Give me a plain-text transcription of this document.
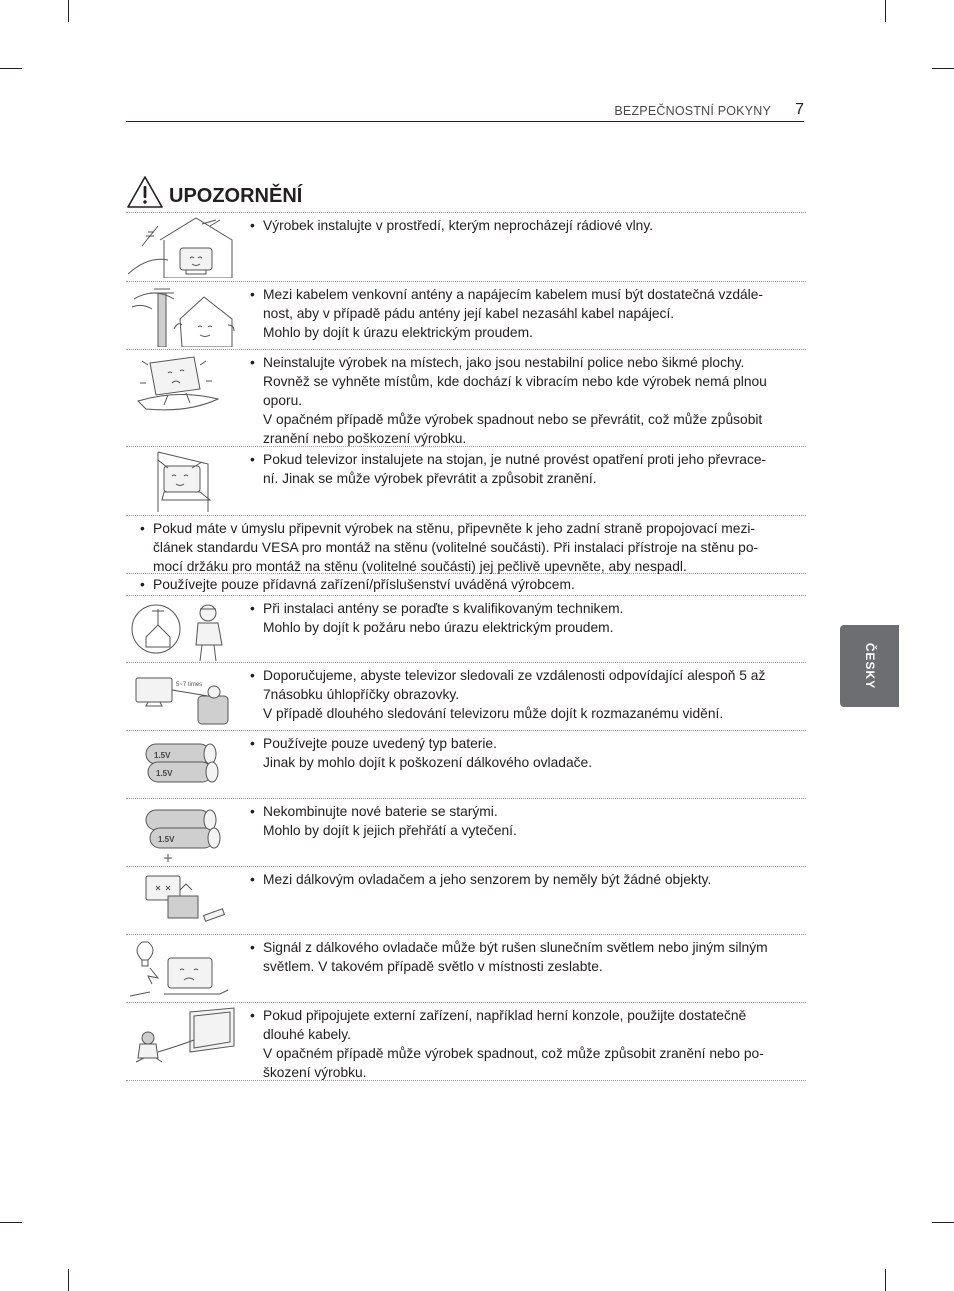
BEZPEČNOSTNÍ POKYNY 7
UPOZORNĚNÍ
• Výrobek instalujte v prostředí, kterým neprocházejí rádiové vlny.
• Mezi kabelem venkovní antény a napájecím kabelem musí být dostatečná vzdále-
nost, aby v případě pádu antény její kabel nezasáhl kabel napájecí.
Mohlo by dojít k úrazu elektrickým proudem.
• Neinstalujte výrobek na místech, jako jsou nestabilní police nebo šikmé plochy.
Rovněž se vyhněte místům, kde dochází k vibracím nebo kde výrobek nemá plnou
oporu.
V opačném případě může výrobek spadnout nebo se převrátit, což může způsobit
zranění nebo poškození výrobku.
• Pokud televizor instalujete na stojan, je nutné provést opatření proti jeho převrace-
ní. Jinak se může výrobek převrátit a způsobit zranění.
• Pokud máte v úmyslu připevnit výrobek na stěnu, připevněte k jeho zadní straně propojovací mezi-
článek standardu VESA pro montáž na stěnu (volitelné součásti). Při instalaci přístroje na stěnu po-
mocí držáku pro montáž na stěnu (volitelné součásti) jej pečlivě upevněte, aby nespadl.
• Používejte pouze přídavná zařízení/příslušenství uváděná výrobcem.
• Při instalaci antény se poraďte s kvalifikovaným technikem.
Mohlo by dojít k požáru nebo úrazu elektrickým proudem.
5~7 times
• Doporučujeme, abyste televizor sledovali ze vzdálenosti odpovídající alespoň 5 až
7násobku úhlopříčky obrazovky.
V případě dlouhého sledování televizoru může dojít k rozmazanému vidění.
1.5V
1.5V
• Používejte pouze uvedený typ baterie.
Jinak by mohlo dojít k poškození dálkového ovladače.
1.5V
• Nekombinujte nové baterie se starými.
Mohlo by dojít k jejich přehřátí a vytečení.
• Mezi dálkovým ovladačem a jeho senzorem by neměly být žádné objekty.
• Signál z dálkového ovladače může být rušen slunečním světlem nebo jiným silným
světlem. V takovém případě světlo v místnosti zeslabte.
• Pokud připojujete externí zařízení, například herní konzole, použijte dostatečně
dlouhé kabely.
V opačném případě může výrobek spadnout, což může způsobit zranění nebo po-
škození výrobku.
ČESKY
